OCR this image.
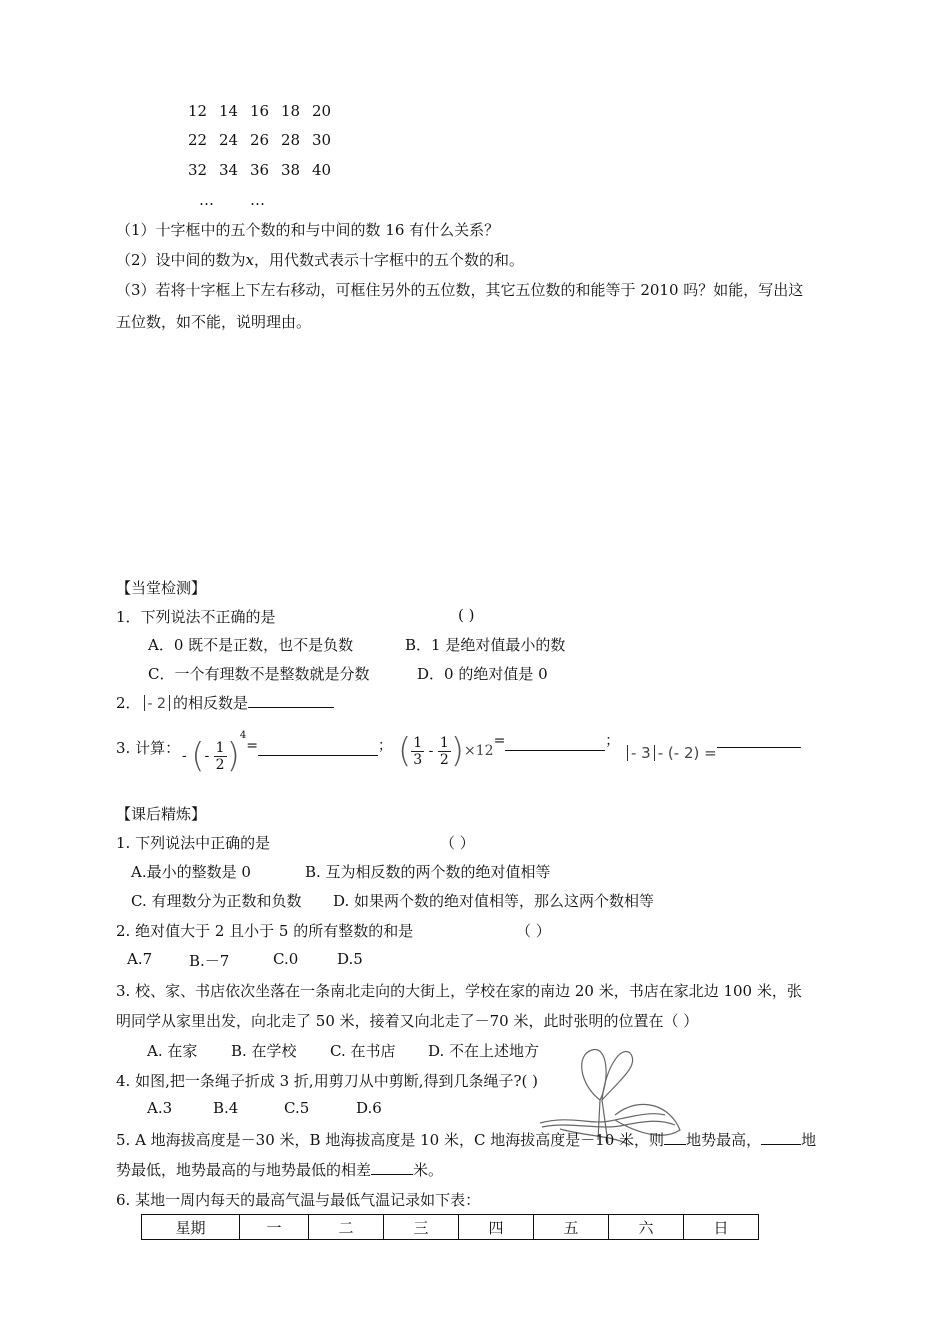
12 14 16 18 20
22 24 26 28 30
32 34 36 38 40
… …
（1）十字框中的五个数的和与中间的数 16 有什么关系？
（2）设中间的数为x，用代数式表示十字框中的五个数的和。
（3）若将十字框上下左右移动，可框住另外的五位数，其它五位数的和能等于 2010 吗？如能，写出这
五位数，如不能，说明理由。
【当堂检测】
1．下列说法不正确的是	( )
A．0 既不是正数，也不是负数	B．1 是绝对值最小的数
C．一个有理数不是整数就是分数	D．0 的绝对值是 0
2． - 2 的相反数是
3. 计算： - (- $\frac{1}{2} )^4=$	； ( $\frac{1}{3} - \frac{1}{2} )\times 12=$	；
- 3 - (- 2) =
【课后精炼】
1. 下列说法中正确的是	（ ）
A.最小的整数是 0	B. 互为相反数的两个数的绝对值相等
C. 有理数分为正数和负数 D. 如果两个数的绝对值相等，那么这两个数相等
2. 绝对值大于 2 且小于 5 的所有整数的和是	（ ）
A.7 B.－7	C.0	D.5
3. 校、家、书店依次坐落在一条南北走向的大街上，学校在家的南边 20 米，书店在家北边 100 米，张
明同学从家里出发，向北走了 50 米，接着又向北走了－70 米，此时张明的位置在（ ）
A. 在家 B. 在学校 C. 在书店 D. 不在上述地方
4. 如图,把一条绳子折成 3 折,用剪刀从中剪断,得到几条绳子?( )
A.3	B.4	C.5	D.6
5. A 地海拔高度是－30 米，B 地海拔高度是 10 米，C 地海拔高度是－10 米，则 地势最高，	地
势最低，地势最高的与地势最低的相差	米。
6. 某地一周内每天的最高气温与最低气温记录如下表：
星期	一	二	三	四	五	六	日
